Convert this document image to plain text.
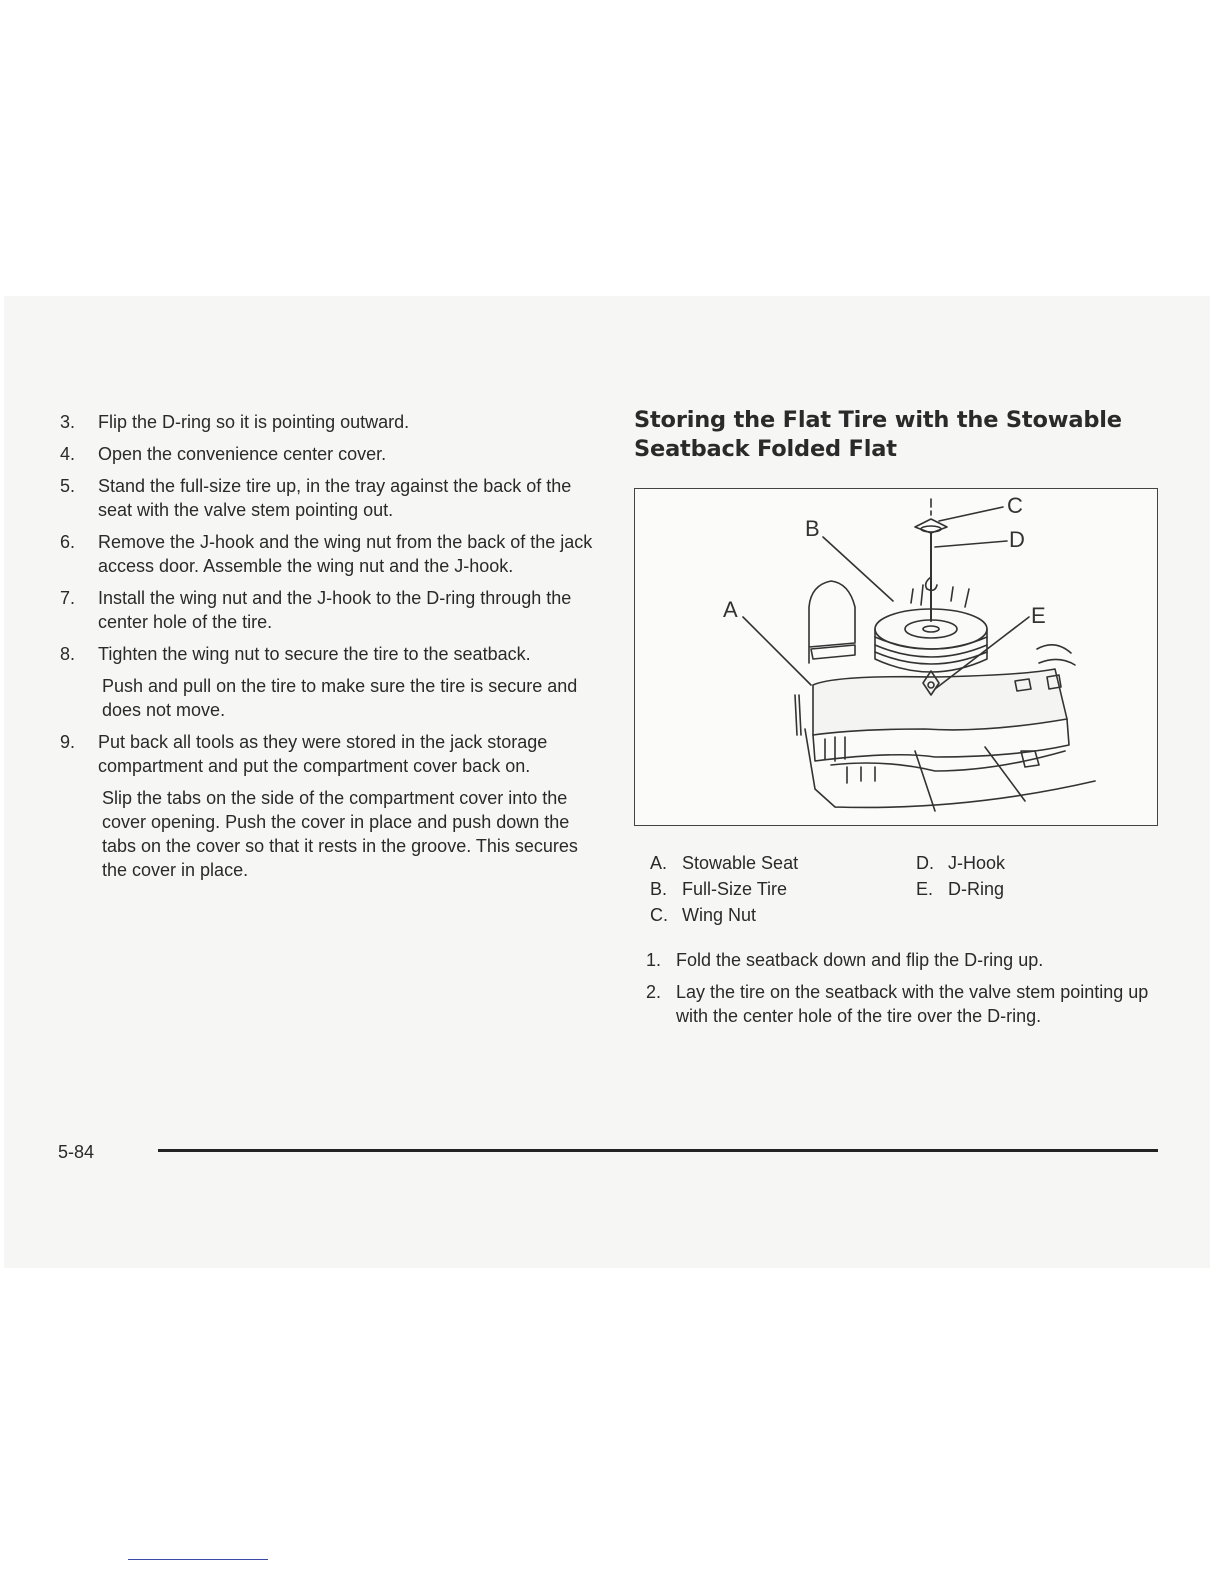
3.	Flip the D-ring so it is pointing outward.
4.	Open the convenience center cover.
5.	Stand the full-size tire up, in the tray against the back of the seat with the valve stem pointing out.
6.	Remove the J-hook and the wing nut from the back of the jack access door. Assemble the wing nut and the J-hook.
7.	Install the wing nut and the J-hook to the D-ring through the center hole of the tire.
8.	Tighten the wing nut to secure the tire to the seatback.
Push and pull on the tire to make sure the tire is secure and does not move.
9.	Put back all tools as they were stored in the jack storage compartment and put the compartment cover back on.
Slip the tabs on the side of the compartment cover into the cover opening. Push the cover in place and push down the tabs on the cover so that it rests in the groove. This secures the cover in place.
Storing the Flat Tire with the Stowable Seatback Folded Flat
A
B
C
D
E
A. Stowable Seat
B. Full-Size Tire
C. Wing Nut
D. J-Hook
E. D-Ring
1. Fold the seatback down and flip the D-ring up.
2. Lay the tire on the seatback with the valve stem pointing up with the center hole of the tire over the D-ring.
5-84
